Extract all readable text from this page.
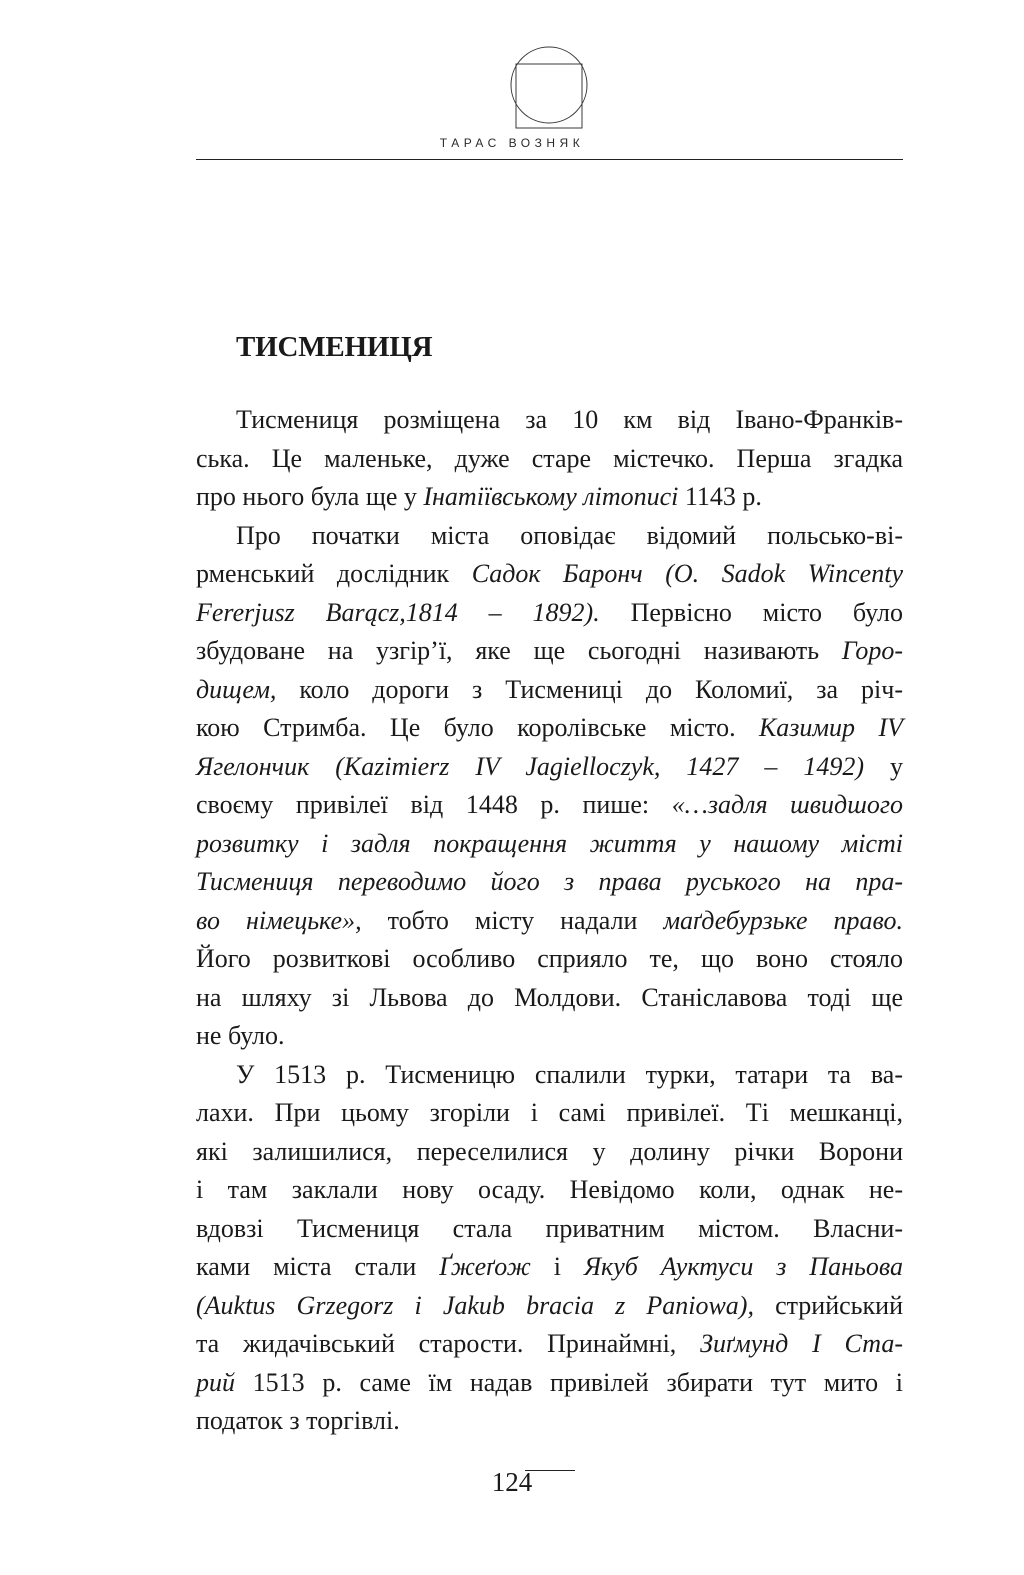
ТАРАС ВОЗНЯК
ТИСМЕНИЦЯ
Тисмениця розміщена за 10 км від Івано-Франків-
ська. Це маленьке, дуже старе містечко. Перша згадка
про нього була ще у Інатіївському літописі 1143 р.
Про початки міста оповідає відомий польсько-ві-
рменський дослідник Садок Баронч (O. Sadok Wincenty
Fererjusz Barącz,1814 – 1892). Первісно місто було
збудоване на узгір’ї, яке ще сьогодні називають Горо-
дищем, коло дороги з Тисмениці до Коломиї, за річ-
кою Стримба. Це було королівське місто. Казимир IV
Ягелончик (Kazimierz IV Jagielloczyk, 1427 – 1492) у
своєму привілеї від 1448 р. пише: «…задля швидшого
розвитку і задля покращення життя у нашому місті
Тисмениця переводимо його з права руського на пра-
во німецьке», тобто місту надали маґдебурзьке право.
Його розвиткові особливо сприяло те, що воно стояло
на шляху зі Львова до Молдови. Станіславова тоді ще
не було.
У 1513 р. Тисменицю спалили турки, татари та ва-
лахи. При цьому згоріли і самі привілеї. Ті мешканці,
які залишилися, переселилися у долину річки Ворони
і там заклали нову осаду. Невідомо коли, однак не-
вдовзі Тисмениця стала приватним містом. Власни-
ками міста стали Ґжеґож і Якуб Ауктуси з Паньова
(Auktus Grzegorz i Jakub bracia z Paniowa), стрийський
та жидачівський старости. Принаймні, Зиґмунд I Ста-
рий 1513 р. саме їм надав привілей збирати тут мито і
податок з торгівлі.
124
